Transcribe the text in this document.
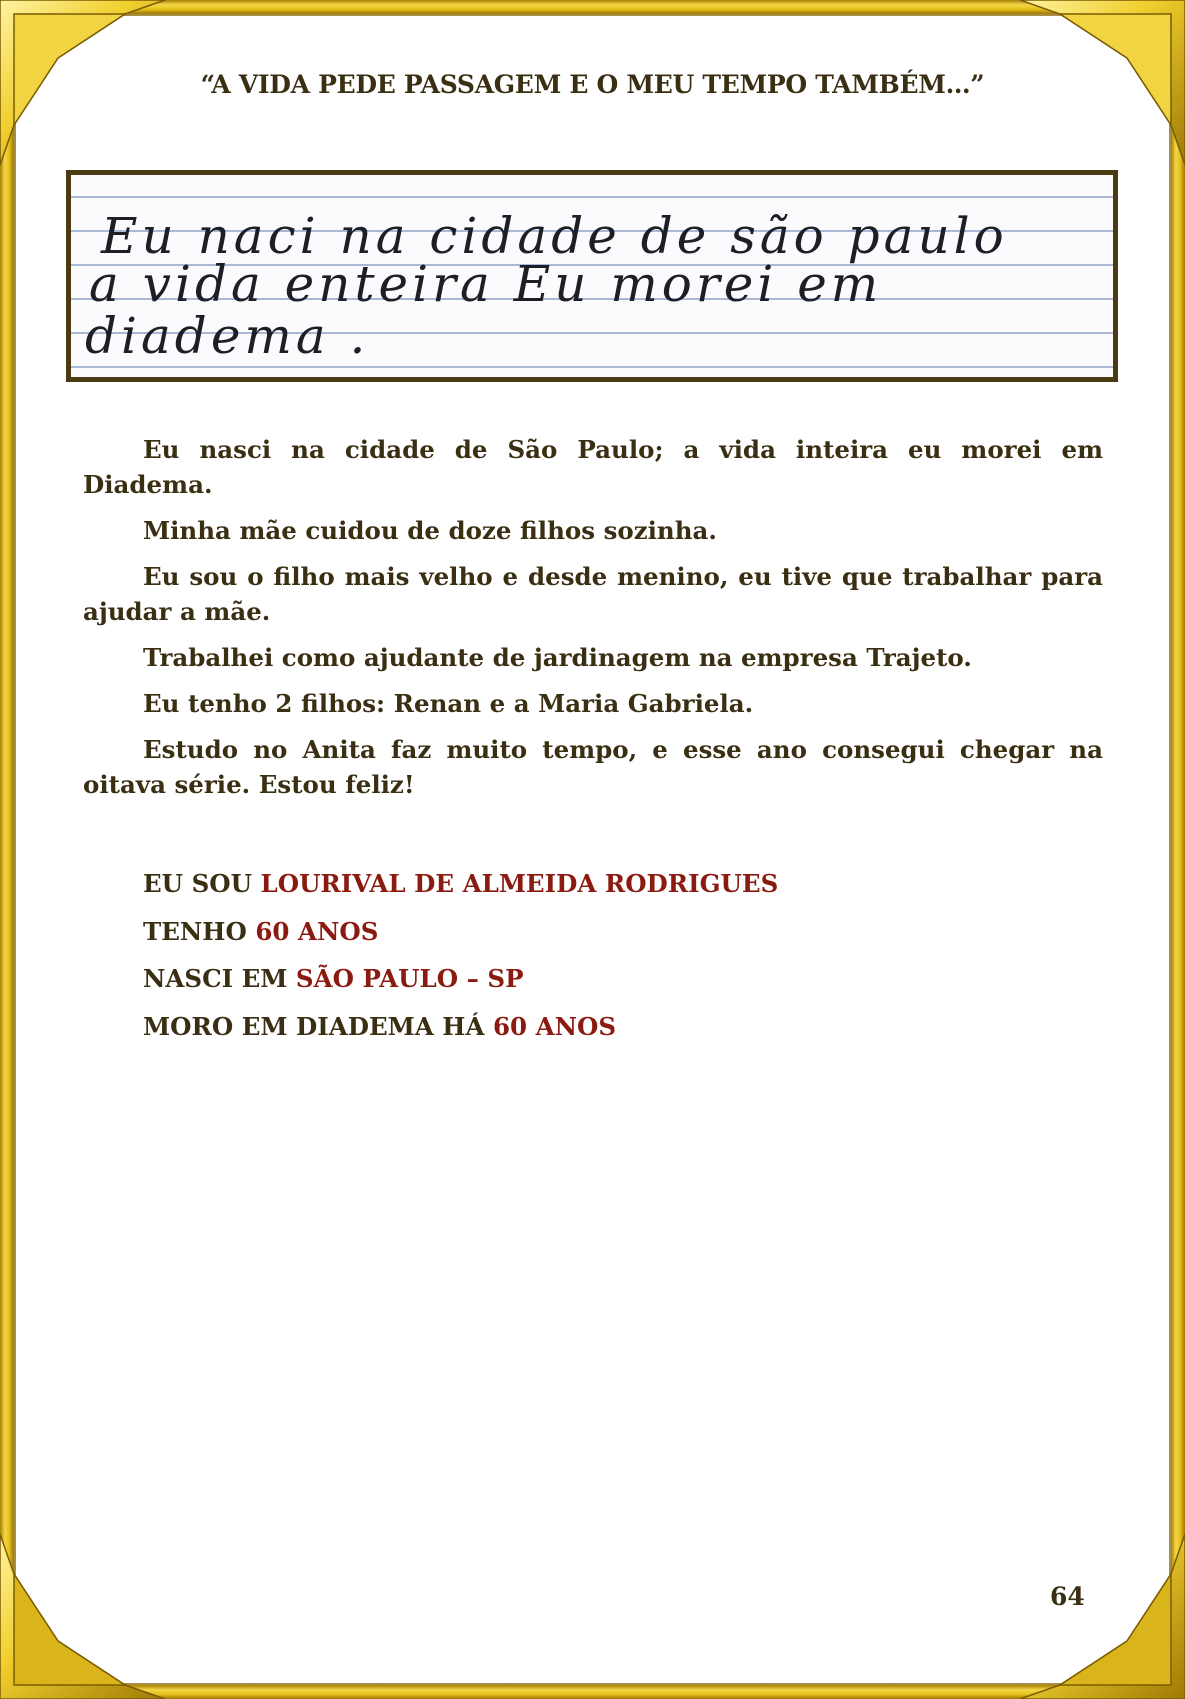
“A VIDA PEDE PASSAGEM E O MEU TEMPO TAMBÉM…”
Eu naci na cidade de são paulo
a vida enteira Eu morei em
diadema .

Eu nasci na cidade de São Paulo; a vida inteira eu morei em Diadema.

Minha mãe cuidou de doze filhos sozinha.

Eu sou o filho mais velho e desde menino, eu tive que trabalhar para ajudar a mãe.

Trabalhei como ajudante de jardinagem na empresa Trajeto.

Eu tenho 2 filhos: Renan e a Maria Gabriela.

Estudo no Anita faz muito tempo, e esse ano consegui chegar na oitava série. Estou feliz!

EU SOU LOURIVAL DE ALMEIDA RODRIGUES
TENHO 60 ANOS
NASCI EM SÃO PAULO – SP
MORO EM DIADEMA HÁ 60 ANOS
64
